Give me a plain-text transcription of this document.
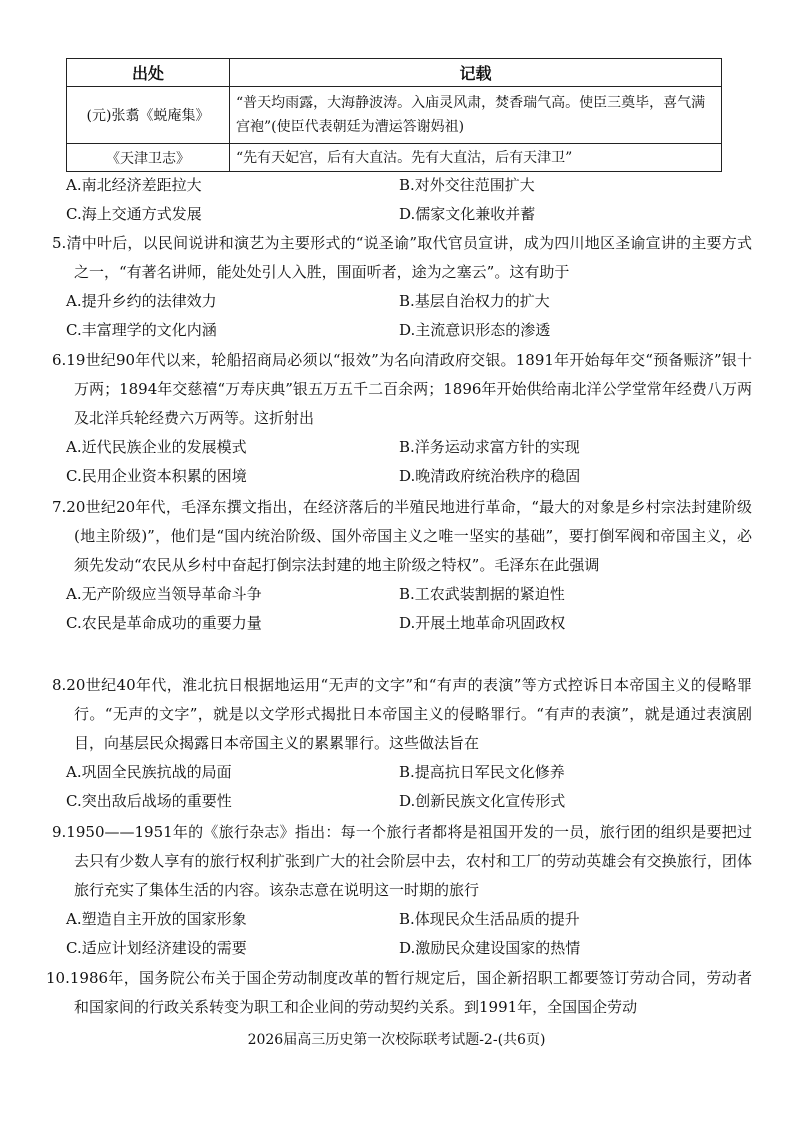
出处	记载
(元)张翥《蜕庵集》	“普天均雨露，大海静波涛。入庙灵风肃，焚香瑞气高。使臣三奠毕，喜气满宫袍”(使臣代表朝廷为漕运答谢妈祖)
《天津卫志》	“先有天妃宫，后有大直沽。先有大直沽，后有天津卫”
A.南北经济差距拉大	B.对外交往范围扩大
C.海上交通方式发展	D.儒家文化兼收并蓄
5.清中叶后，以民间说讲和演艺为主要形式的“说圣谕”取代官员宣讲，成为四川地区圣谕宣讲的主要方式之一，“有著名讲师，能处处引人入胜，围面听者，途为之塞云”。这有助于
A.提升乡约的法律效力	B.基层自治权力的扩大
C.丰富理学的文化内涵	D.主流意识形态的渗透
6.19世纪90年代以来，轮船招商局必须以“报效”为名向清政府交银。1891年开始每年交“预备赈济”银十万两；1894年交慈禧“万寿庆典”银五万五千二百余两；1896年开始供给南北洋公学堂常年经费八万两及北洋兵轮经费六万两等。这折射出
A.近代民族企业的发展模式	B.洋务运动求富方针的实现
C.民用企业资本积累的困境	D.晚清政府统治秩序的稳固
7.20世纪20年代，毛泽东撰文指出，在经济落后的半殖民地进行革命，“最大的对象是乡村宗法封建阶级(地主阶级)”，他们是“国内统治阶级、国外帝国主义之唯一坚实的基础”，要打倒军阀和帝国主义，必须先发动“农民从乡村中奋起打倒宗法封建的地主阶级之特权”。毛泽东在此强调
A.无产阶级应当领导革命斗争	B.工农武装割据的紧迫性
C.农民是革命成功的重要力量	D.开展土地革命巩固政权
8.20世纪40年代，淮北抗日根据地运用“无声的文字”和“有声的表演”等方式控诉日本帝国主义的侵略罪行。“无声的文字”，就是以文学形式揭批日本帝国主义的侵略罪行。“有声的表演”，就是通过表演剧目，向基层民众揭露日本帝国主义的累累罪行。这些做法旨在
A.巩固全民族抗战的局面	B.提高抗日军民文化修养
C.突出敌后战场的重要性	D.创新民族文化宣传形式
9.1950——1951年的《旅行杂志》指出：每一个旅行者都将是祖国开发的一员，旅行团的组织是要把过去只有少数人享有的旅行权利扩张到广大的社会阶层中去，农村和工厂的劳动英雄会有交换旅行，团体旅行充实了集体生活的内容。该杂志意在说明这一时期的旅行
A.塑造自主开放的国家形象	B.体现民众生活品质的提升
C.适应计划经济建设的需要	D.激励民众建设国家的热情
10.1986年，国务院公布关于国企劳动制度改革的暂行规定后，国企新招职工都要签订劳动合同，劳动者和国家间的行政关系转变为职工和企业间的劳动契约关系。到1991年，全国国企劳动
2026届高三历史第一次校际联考试题-2-(共6页)
